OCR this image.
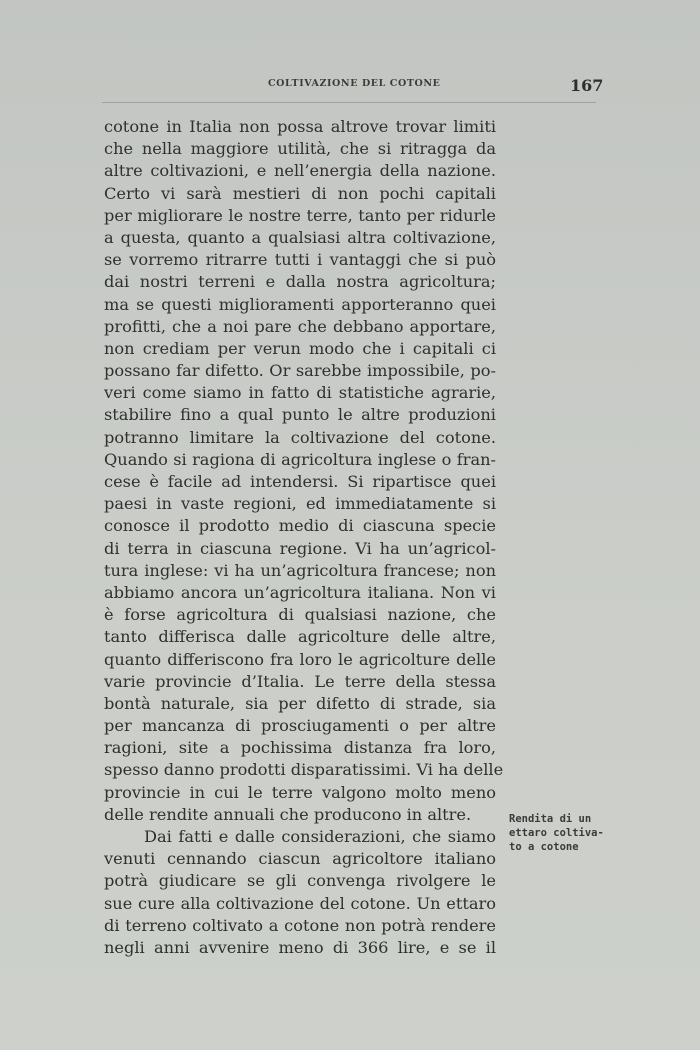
COLTIVAZIONE DEL COTONE	167
cotone in Italia non possa altrove trovar limiti
che nella maggiore utilità, che si ritragga da
altre coltivazioni, e nell’energia della nazione.
Certo vi sarà mestieri di non pochi capitali
per migliorare le nostre terre, tanto per ridurle
a questa, quanto a qualsiasi altra coltivazione,
se vorremo ritrarre tutti i vantaggi che si può
dai nostri terreni e dalla nostra agricoltura;
ma se questi miglioramenti apporteranno quei
profitti, che a noi pare che debbano apportare,
non crediam per verun modo che i capitali ci
possano far difetto. Or sarebbe impossibile, po-
veri come siamo in fatto di statistiche agrarie,
stabilire fino a qual punto le altre produzioni
potranno limitare la coltivazione del cotone.
Quando si ragiona di agricoltura inglese o fran-
cese è facile ad intendersi. Si ripartisce quei
paesi in vaste regioni, ed immediatamente si
conosce il prodotto medio di ciascuna specie
di terra in ciascuna regione. Vi ha un’agricol-
tura inglese: vi ha un’agricoltura francese; non
abbiamo ancora un’agricoltura italiana. Non vi
è forse agricoltura di qualsiasi nazione, che
tanto differisca dalle agricolture delle altre,
quanto differiscono fra loro le agricolture delle
varie provincie d’Italia. Le terre della stessa
bontà naturale, sia per difetto di strade, sia
per mancanza di prosciugamenti o per altre
ragioni, site a pochissima distanza fra loro,
spesso danno prodotti disparatissimi. Vi ha delle
provincie in cui le terre valgono molto meno
delle rendite annuali che producono in altre.
Dai fatti e dalle considerazioni, che siamo
venuti cennando ciascun agricoltore italiano
potrà giudicare se gli convenga rivolgere le
sue cure alla coltivazione del cotone. Un ettaro
di terreno coltivato a cotone non potrà rendere
negli anni avvenire meno di 366 lire, e se il
Rendita di un
ettaro coltiva-
to a cotone
